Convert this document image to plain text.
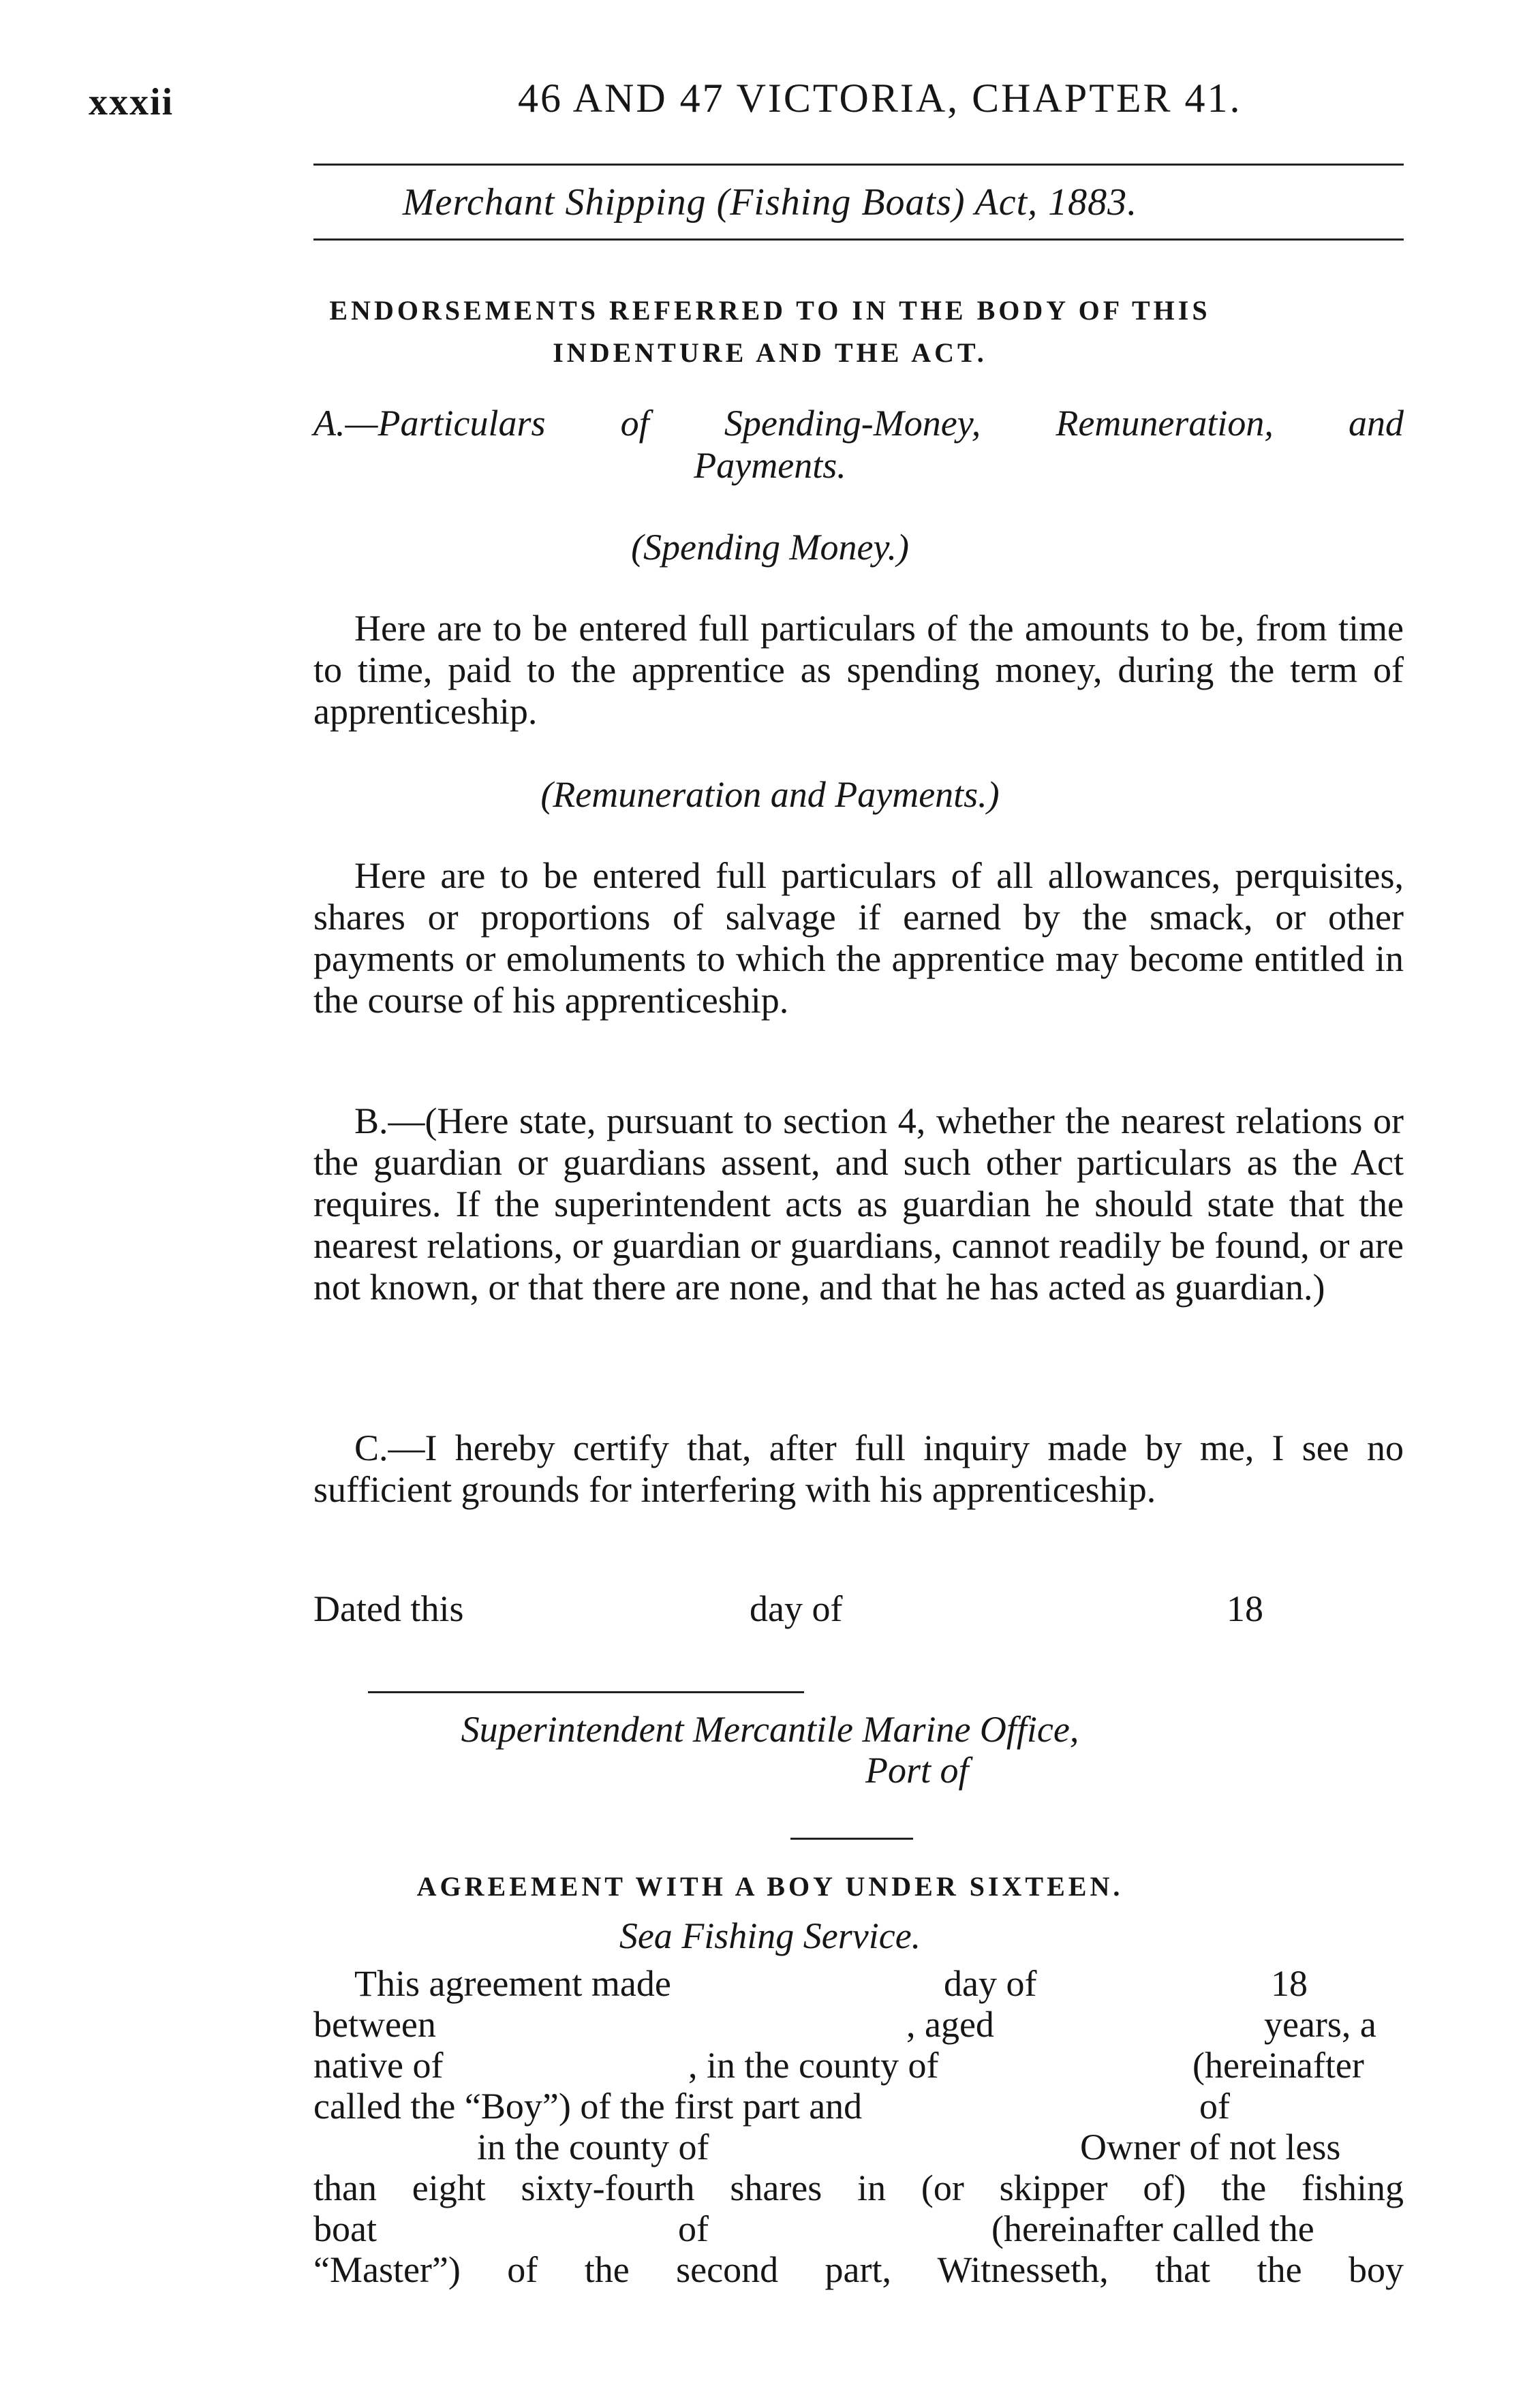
xxxii	46 AND 47 VICTORIA, CHAPTER 41.
Merchant Shipping (Fishing Boats) Act, 1883.
ENDORSEMENTS REFERRED TO IN THE BODY OF THIS
INDENTURE AND THE ACT.
A.—Particulars of Spending-Money, Remuneration, and
Payments.
(Spending Money.)

Here are to be entered full particulars of the amounts to be, from time to time, paid to the apprentice as spending money, during the term of apprenticeship.

(Remuneration and Payments.)

Here are to be entered full particulars of all allowances, perquisites, shares or proportions of salvage if earned by the smack, or other payments or emoluments to which the apprentice may become entitled in the course of his apprenticeship.

B.—(Here state, pursuant to section 4, whether the nearest relations or the guardian or guardians assent, and such other particulars as the Act requires. If the superintendent acts as guardian he should state that the nearest relations, or guardian or guardians, cannot readily be found, or are not known, or that there are none, and that he has acted as guardian.)

C.—I hereby certify that, after full inquiry made by me, I see no sufficient grounds for interfering with his apprenticeship.

Dated this	day of	18
Superintendent Mercantile Marine Office,
Port of
AGREEMENT WITH A BOY UNDER SIXTEEN.
Sea Fishing Service.
This agreement made	day of	18
between	, aged	years, a
native of	, in the county of	(hereinafter
called the “Boy”) of the first part and	of
in the county of	Owner of not less
than eight sixty-fourth shares in (or skipper of) the fishing
boat	of	(hereinafter called the
“Master”) of the second part, Witnesseth, that the boy
